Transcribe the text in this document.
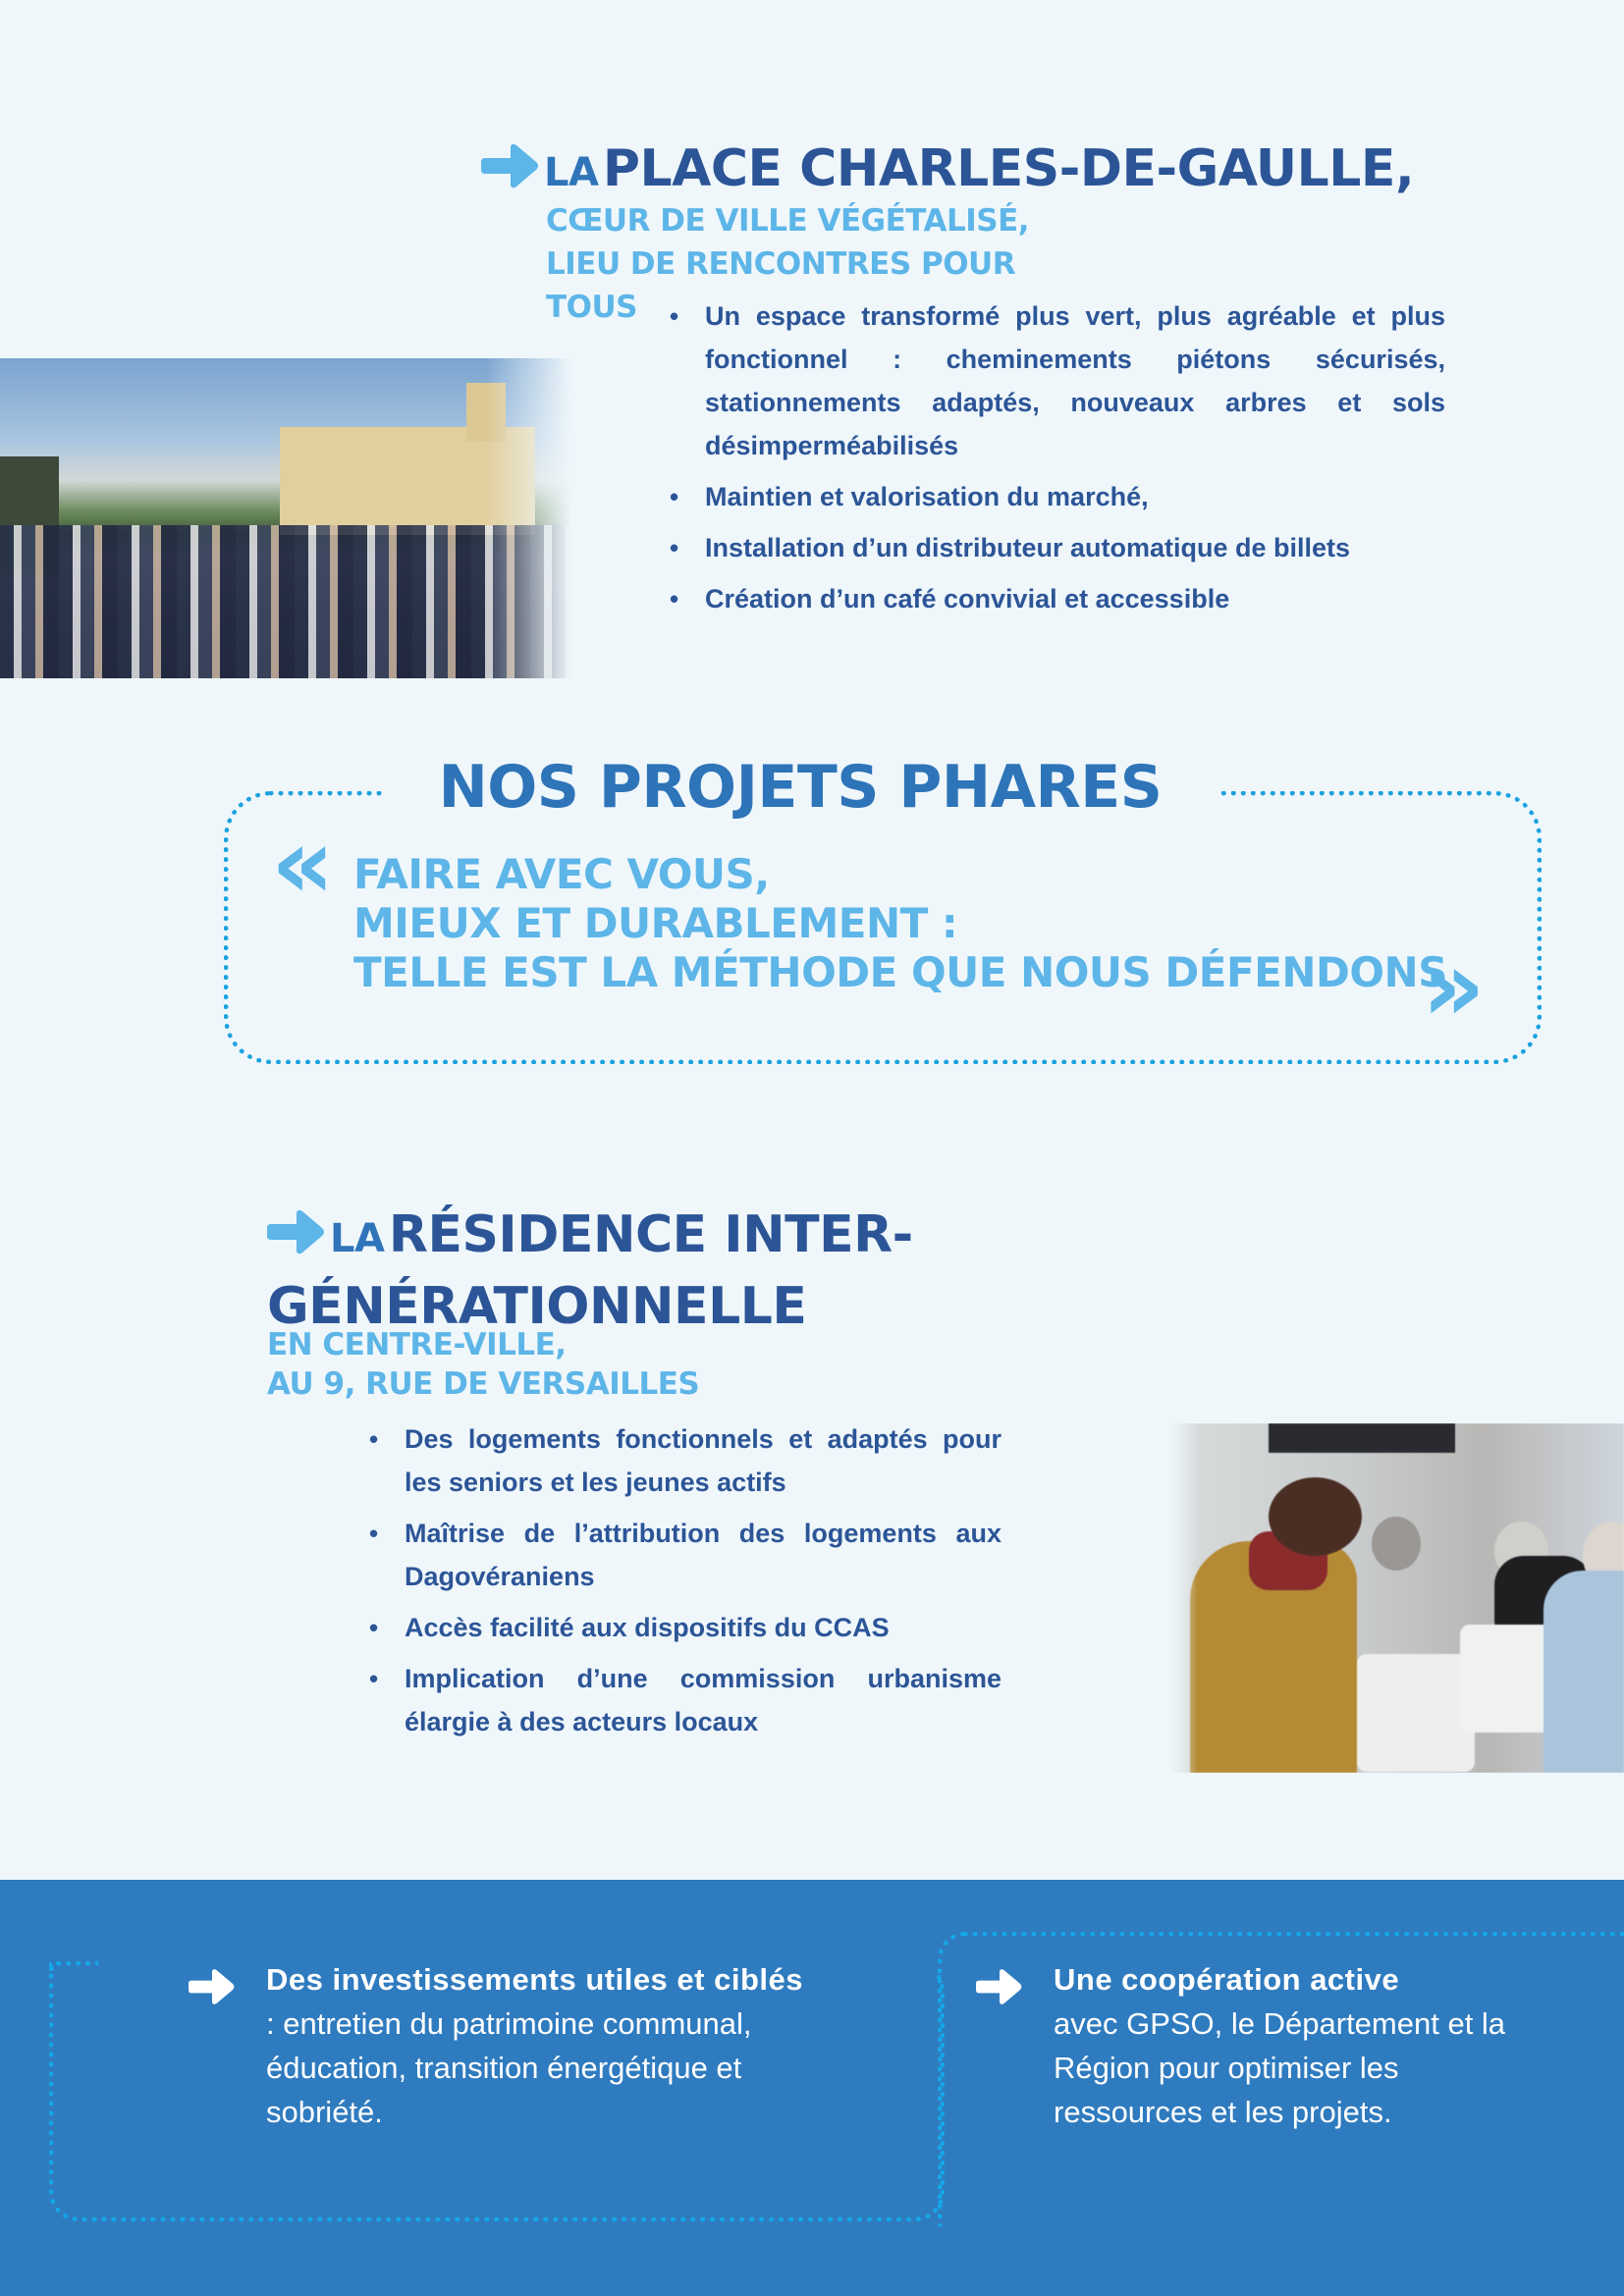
LA PLACE CHARLES-DE-GAULLE,
CŒUR DE VILLE VÉGÉTALISÉ,
LIEU DE RENCONTRES POUR
TOUS	• Un espace transformé plus vert, plus agréable et plus fonctionnel : cheminements piétons sécurisés, stationnements adaptés, nouveaux arbres et sols désimperméabilisés
• Maintien et valorisation du marché,
• Installation d’un distributeur automatique de billets
• Création d’un café convivial et accessible
NOS PROJETS PHARES
« FAIRE AVEC VOUS,
MIEUX ET DURABLEMENT :
TELLE EST LA MÉTHODE QUE NOUS DÉFENDONS
»
LA RÉSIDENCE INTER-
GÉNÉRATIONNELLE
EN CENTRE-VILLE,
AU 9, RUE DE VERSAILLES
• Des logements fonctionnels et adaptés pour les seniors et les jeunes actifs
• Maîtrise de l’attribution des logements aux Dagovéraniens
• Accès facilité aux dispositifs du CCAS
• Implication d’une commission urbanisme élargie à des acteurs locaux
Des investissements utiles et ciblés : entretien du patrimoine communal, éducation, transition énergétique et sobriété.
Une coopération active
avec GPSO, le Département et la Région pour optimiser les ressources et les projets.
